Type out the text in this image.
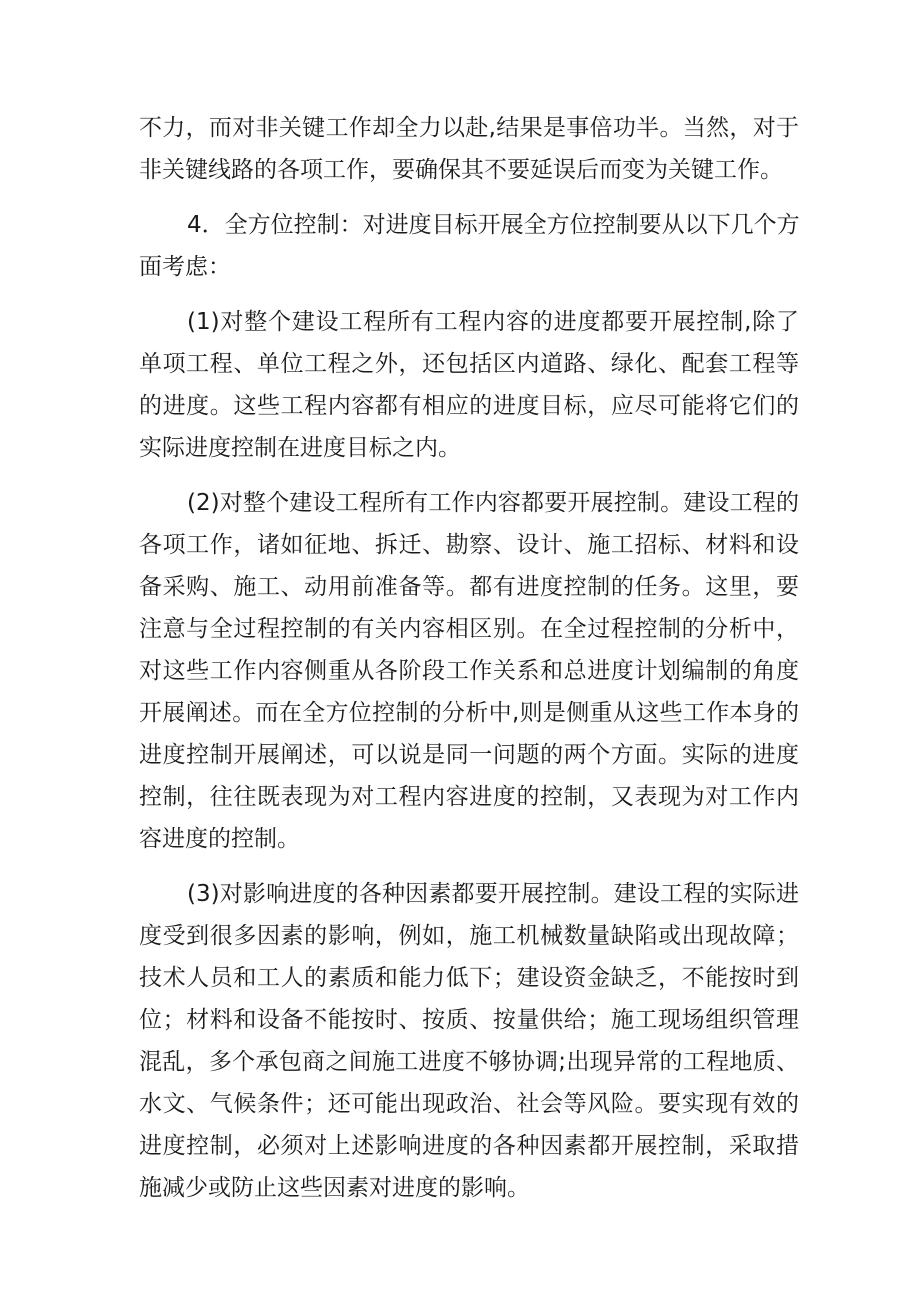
不力，而对非关键工作却全力以赴,结果是事倍功半。当然，对于

非关键线路的各项工作，要确保其不要延误后而变为关键工作。

4．全方位控制：对进度目标开展全方位控制要从以下几个方

面考虑：

(1)对整个建设工程所有工程内容的进度都要开展控制,除了

单项工程、单位工程之外，还包括区内道路、绿化、配套工程等

的进度。这些工程内容都有相应的进度目标，应尽可能将它们的

实际进度控制在进度目标之内。

(2)对整个建设工程所有工作内容都要开展控制。建设工程的

各项工作，诸如征地、拆迁、勘察、设计、施工招标、材料和设

备采购、施工、动用前准备等。都有进度控制的任务。这里，要

注意与全过程控制的有关内容相区别。在全过程控制的分析中，

对这些工作内容侧重从各阶段工作关系和总进度计划编制的角度

开展阐述。而在全方位控制的分析中,则是侧重从这些工作本身的

进度控制开展阐述，可以说是同一问题的两个方面。实际的进度

控制，往往既表现为对工程内容进度的控制，又表现为对工作内

容进度的控制。

(3)对影响进度的各种因素都要开展控制。建设工程的实际进

度受到很多因素的影响，例如，施工机械数量缺陷或出现故障；

技术人员和工人的素质和能力低下；建设资金缺乏，不能按时到

位；材料和设备不能按时、按质、按量供给；施工现场组织管理

混乱，多个承包商之间施工进度不够协调;出现异常的工程地质、

水文、气候条件；还可能出现政治、社会等风险。要实现有效的

进度控制，必须对上述影响进度的各种因素都开展控制，采取措

施减少或防止这些因素对进度的影响。
